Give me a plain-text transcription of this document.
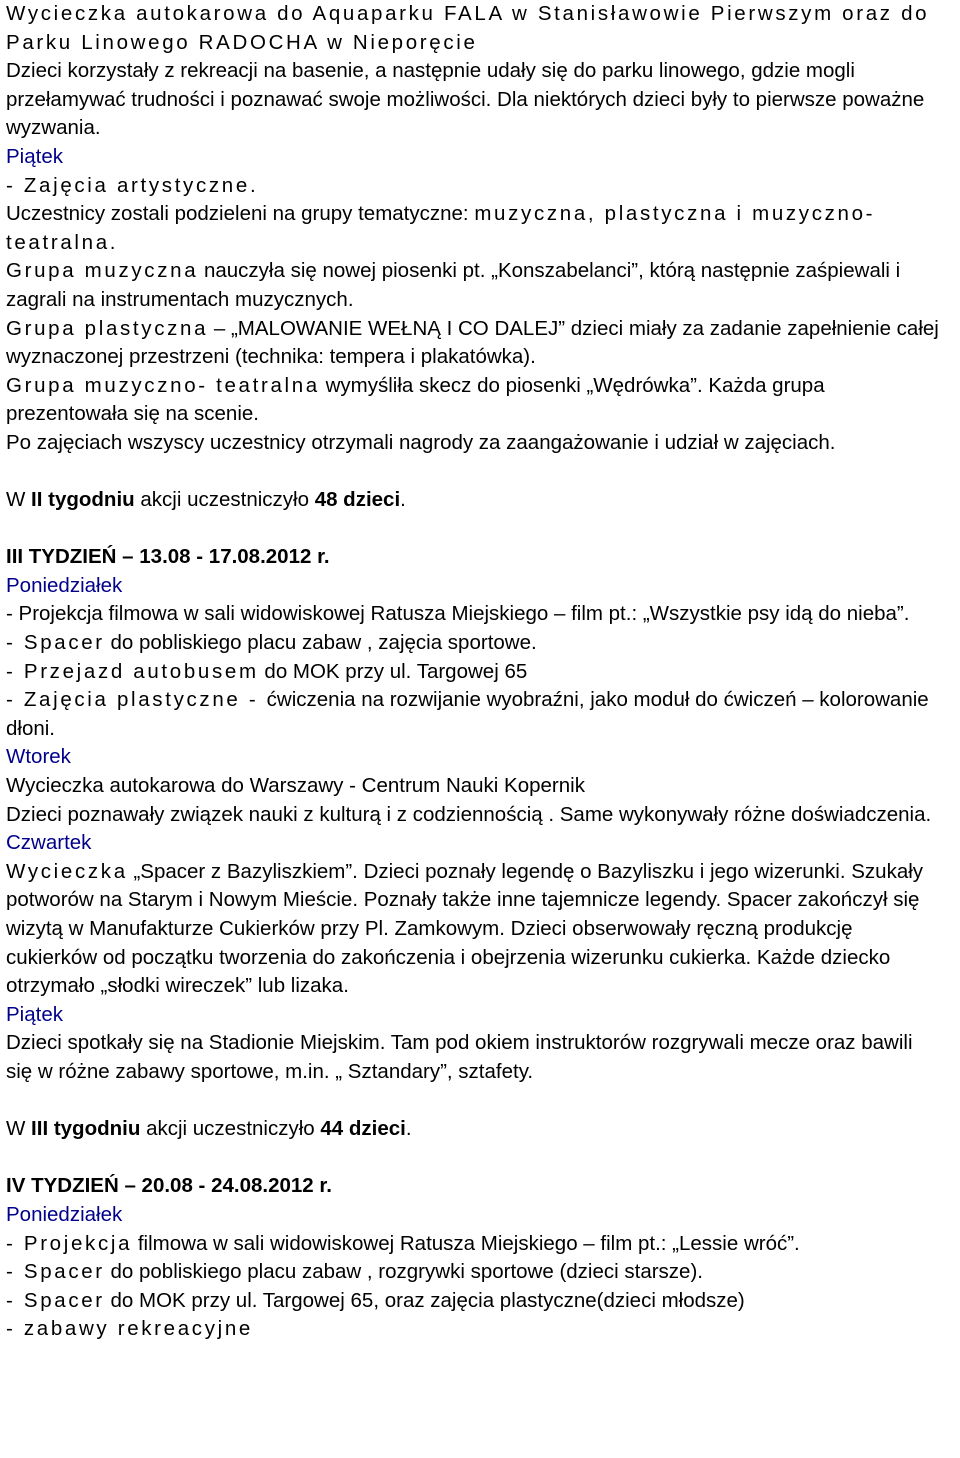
Wycieczka autokarowa do Aquaparku FALA w Stanisławowie Pierwszym oraz do Parku Linowego RADOCHA w Nieporęcie

Dzieci korzystały z rekreacji na basenie, a następnie udały się do parku linowego, gdzie mogli przełamywać trudności i poznawać swoje możliwości. Dla niektórych dzieci były to pierwsze poważne wyzwania.

Piątek

- Zajęcia artystyczne.

Uczestnicy zostali podzieleni na grupy tematyczne: muzyczna, plastyczna i muzyczno- teatralna.

Grupa muzyczna nauczyła się nowej piosenki pt. „Konszabelanci”, którą następnie zaśpiewali i zagrali na instrumentach muzycznych.

Grupa plastyczna – „MALOWANIE WEŁNĄ I CO DALEJ” dzieci miały za zadanie zapełnienie całej wyznaczonej przestrzeni (technika: tempera i plakatówka).

Grupa muzyczno- teatralna wymyśliła skecz do piosenki „Wędrówka”. Każda grupa prezentowała się na scenie.

Po zajęciach wszyscy uczestnicy otrzymali nagrody za zaangażowanie i udział w zajęciach.

W II tygodniu akcji uczestniczyło 48 dzieci.

III TYDZIEŃ – 13.08 - 17.08.2012 r.

Poniedziałek

- Projekcja filmowa w sali widowiskowej Ratusza Miejskiego – film pt.: „Wszystkie psy idą do nieba”.

- Spacer do pobliskiego placu zabaw , zajęcia sportowe.

- Przejazd autobusem do MOK przy ul. Targowej 65

- Zajęcia plastyczne - ćwiczenia na rozwijanie wyobraźni, jako moduł do ćwiczeń – kolorowanie dłoni.

Wtorek

Wycieczka autokarowa do Warszawy - Centrum Nauki Kopernik

Dzieci poznawały związek nauki z kulturą i z codziennością . Same wykonywały różne doświadczenia.

Czwartek

Wycieczka „Spacer z Bazyliszkiem”. Dzieci poznały legendę o Bazyliszku i jego wizerunki. Szukały potworów na Starym i Nowym Mieście. Poznały także inne tajemnicze legendy. Spacer zakończył się wizytą w Manufakturze Cukierków przy Pl. Zamkowym. Dzieci obserwowały ręczną produkcję cukierków od początku tworzenia do zakończenia i obejrzenia wizerunku cukierka. Każde dziecko otrzymało „słodki wireczek” lub lizaka.

Piątek

Dzieci spotkały się na Stadionie Miejskim. Tam pod okiem instruktorów rozgrywali mecze oraz bawili się w różne zabawy sportowe, m.in. „ Sztandary”, sztafety.

W III tygodniu akcji uczestniczyło 44 dzieci.

IV TYDZIEŃ – 20.08 - 24.08.2012 r.

Poniedziałek

- Projekcja filmowa w sali widowiskowej Ratusza Miejskiego – film pt.: „Lessie wróć”.

- Spacer do pobliskiego placu zabaw , rozgrywki sportowe (dzieci starsze).

- Spacer do MOK przy ul. Targowej 65, oraz zajęcia plastyczne(dzieci młodsze)

- zabawy rekreacyjne
